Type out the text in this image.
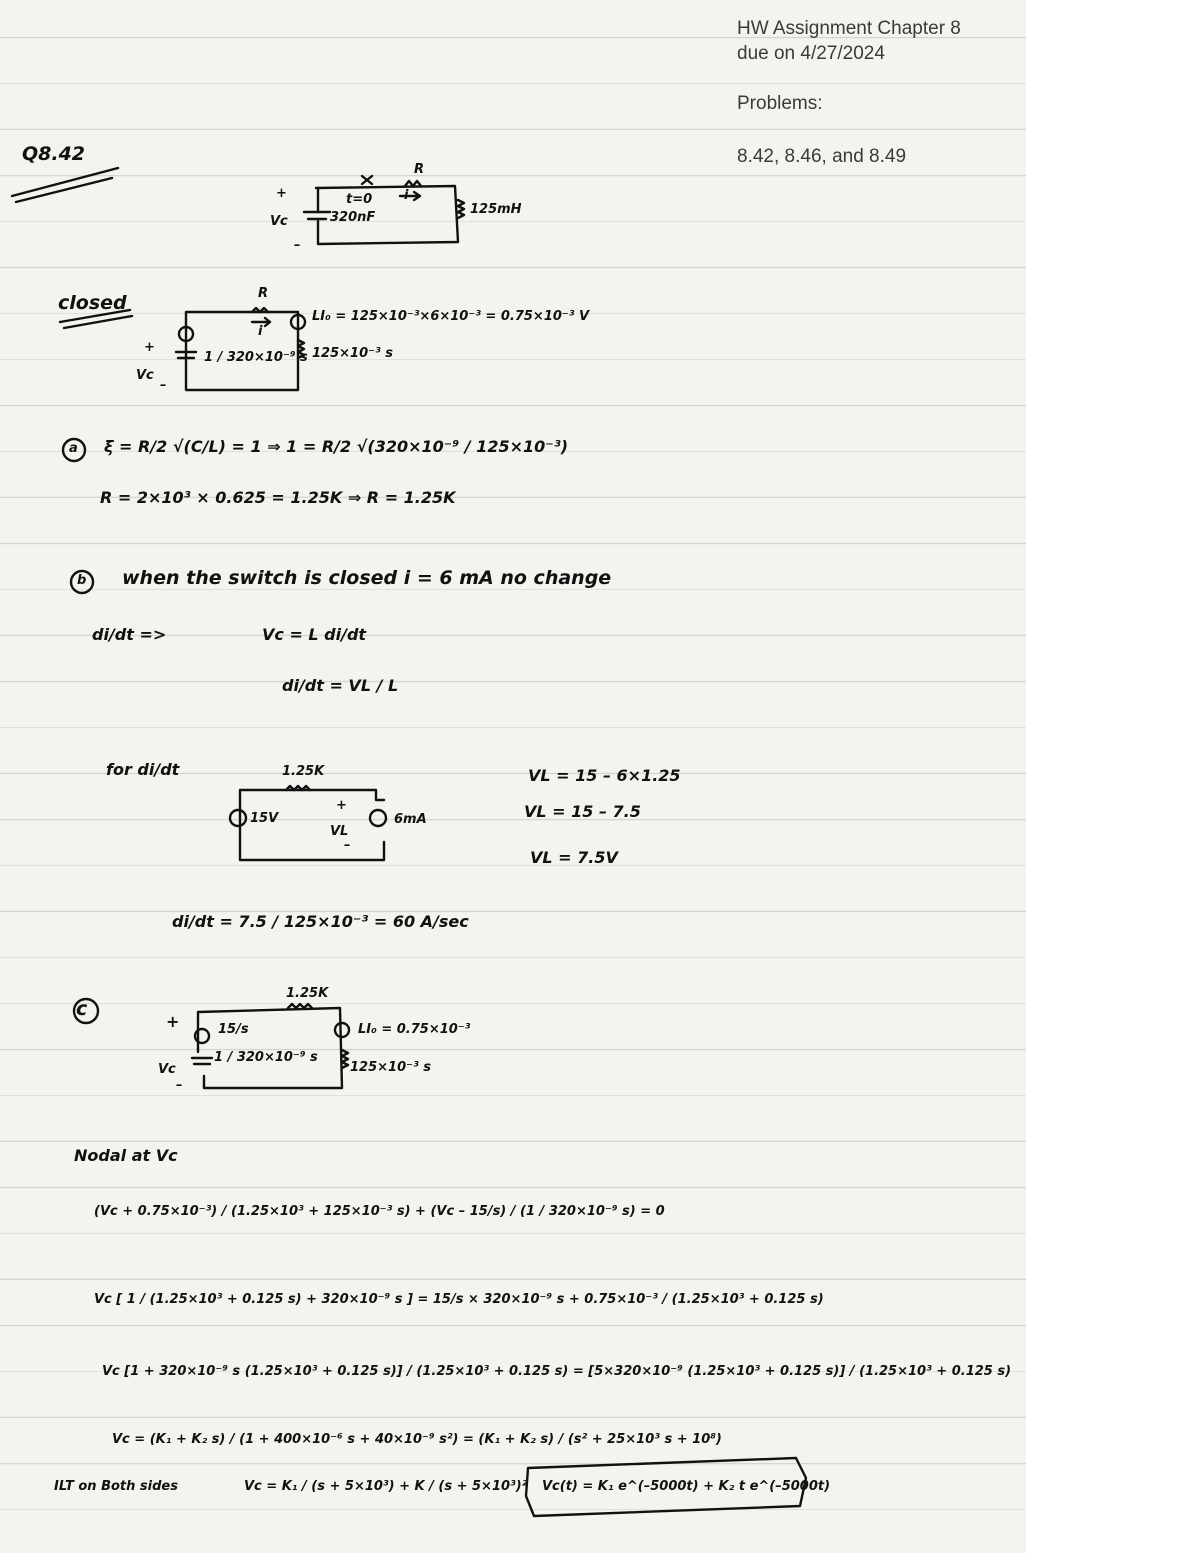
HW Assignment Chapter 8
due on 4/27/2024
Problems:
8.42, 8.46, and 8.49
Q8.42
+
Vc
–
t=0
320nF
R
i
125mH
closed	R
i
LI₀ = 125×10⁻³×6×10⁻³ = 0.75×10⁻³ V
125×10⁻³ s
1 / 320×10⁻⁹ s
+
Vc
–
a ξ = R/2 √(C/L) = 1 ⇒ 1 = R/2 √(320×10⁻⁹ / 125×10⁻³)
R = 2×10³ × 0.625 = 1.25K ⇒ R = 1.25K
b when the switch is closed i = 6 mA no change
di/dt =>	Vc = L di/dt
di/dt = VL / L
for di/dt	1.25K
15V
+
VL
–
6mA
VL = 15 – 6×1.25
VL = 15 – 7.5
VL = 7.5V
di/dt = 7.5 / 125×10⁻³ = 60 A/sec
c
1.25K
+	15/s
Vc
–
1 / 320×10⁻⁹ s
LI₀ = 0.75×10⁻³
125×10⁻³ s
Nodal at Vc
(Vc + 0.75×10⁻³) / (1.25×10³ + 125×10⁻³ s) + (Vc – 15/s) / (1 / 320×10⁻⁹ s) = 0
Vc [ 1 / (1.25×10³ + 0.125 s) + 320×10⁻⁹ s ] = 15/s × 320×10⁻⁹ s + 0.75×10⁻³ / (1.25×10³ + 0.125 s)
Vc [1 + 320×10⁻⁹ s (1.25×10³ + 0.125 s)] / (1.25×10³ + 0.125 s) = [5×320×10⁻⁹ (1.25×10³ + 0.125 s)] / (1.25×10³ + 0.125 s)
Vc = (K₁ + K₂ s) / (1 + 400×10⁻⁶ s + 40×10⁻⁹ s²) = (K₁ + K₂ s) / (s² + 25×10³ s + 10⁸)
ILT on Both sides	Vc = K₁ / (s + 5×10³) + K / (s + 5×10³)² Vc(t) = K₁ e^(–5000t) + K₂ t e^(–5000t)
